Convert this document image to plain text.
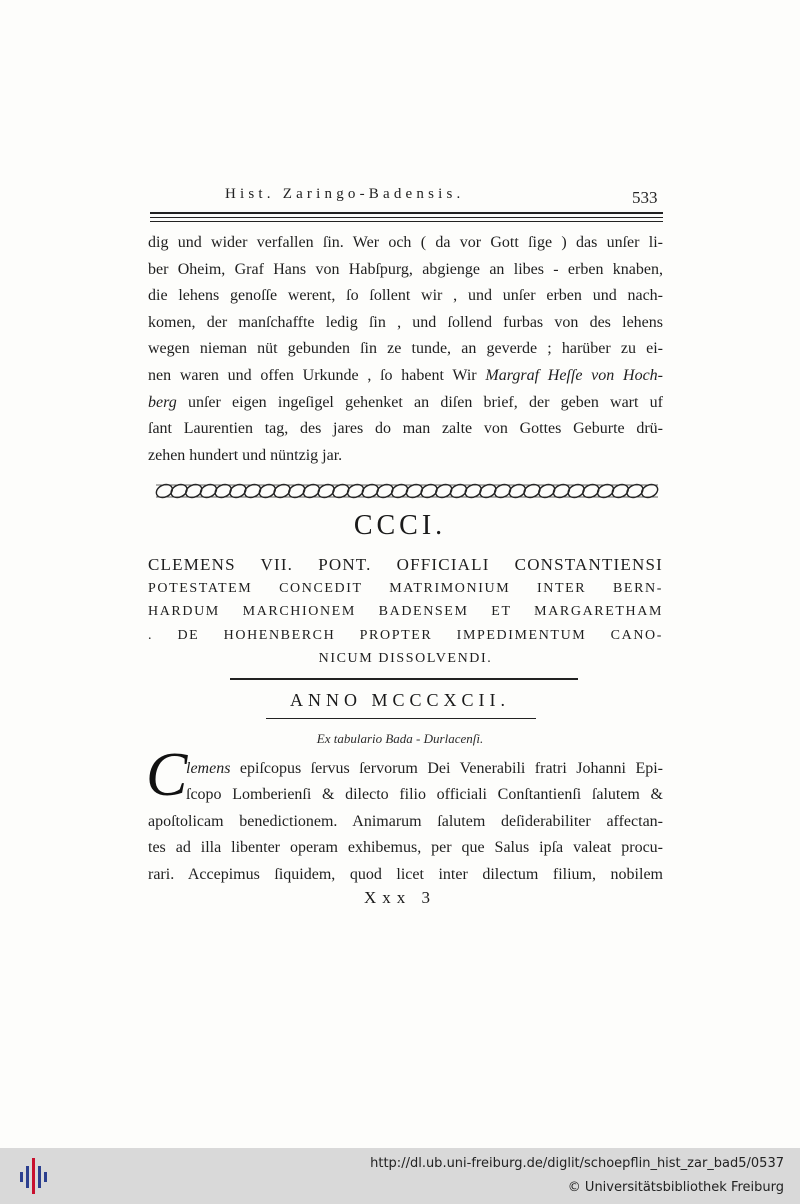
Hist. Zaringo-Badensis.	533
dig und wider verfallen ſin. Wer och ( da vor Gott ſige ) das unſer li-
ber Oheim, Graf Hans von Habſpurg, abgienge an libes - erben knaben,
die lehens genoſſe werent, ſo ſollent wir , und unſer erben und nach-
komen, der manſchaffte ledig ſin , und ſollend furbas von des lehens
wegen nieman nüt gebunden ſin ze tunde, an geverde ; harüber zu ei-
nen waren und offen Urkunde , ſo habent Wir Margraf Heſſe von Hoch-
berg unſer eigen ingeſigel gehenket an diſen brief, der geben wart uf
ſant Laurentien tag, des jares do man zalte von Gottes Geburte drü-
zehen hundert und nüntzig jar.
CCCI.
CLEMENS VII. PONT. OFFICIALI CONSTANTIENSI
POTESTATEM CONCEDIT MATRIMONIUM INTER BERN-
HARDUM MARCHIONEM BADENSEM ET MARGARETHAM
. DE HOHENBERCH PROPTER IMPEDIMENTUM CANO-
NICUM DISSOLVENDI.
ANNO MCCCXCII.
Ex tabulario Bada - Durlacenſi.
C
lemens epiſcopus ſervus ſervorum Dei Venerabili fratri Johanni Epi-
ſcopo Lomberienſi & dilecto filio officiali Conſtantienſi ſalutem &
apoſtolicam benedictionem. Animarum ſalutem deſiderabiliter affectan-
tes ad illa libenter operam exhibemus, per que Salus ipſa valeat procu-
rari. Accepimus ſiquidem, quod licet inter dilectum filium, nobilem
Xxx 3
http://dl.ub.uni-freiburg.de/diglit/schoepflin_hist_zar_bad5/0537
© Universitätsbibliothek Freiburg
